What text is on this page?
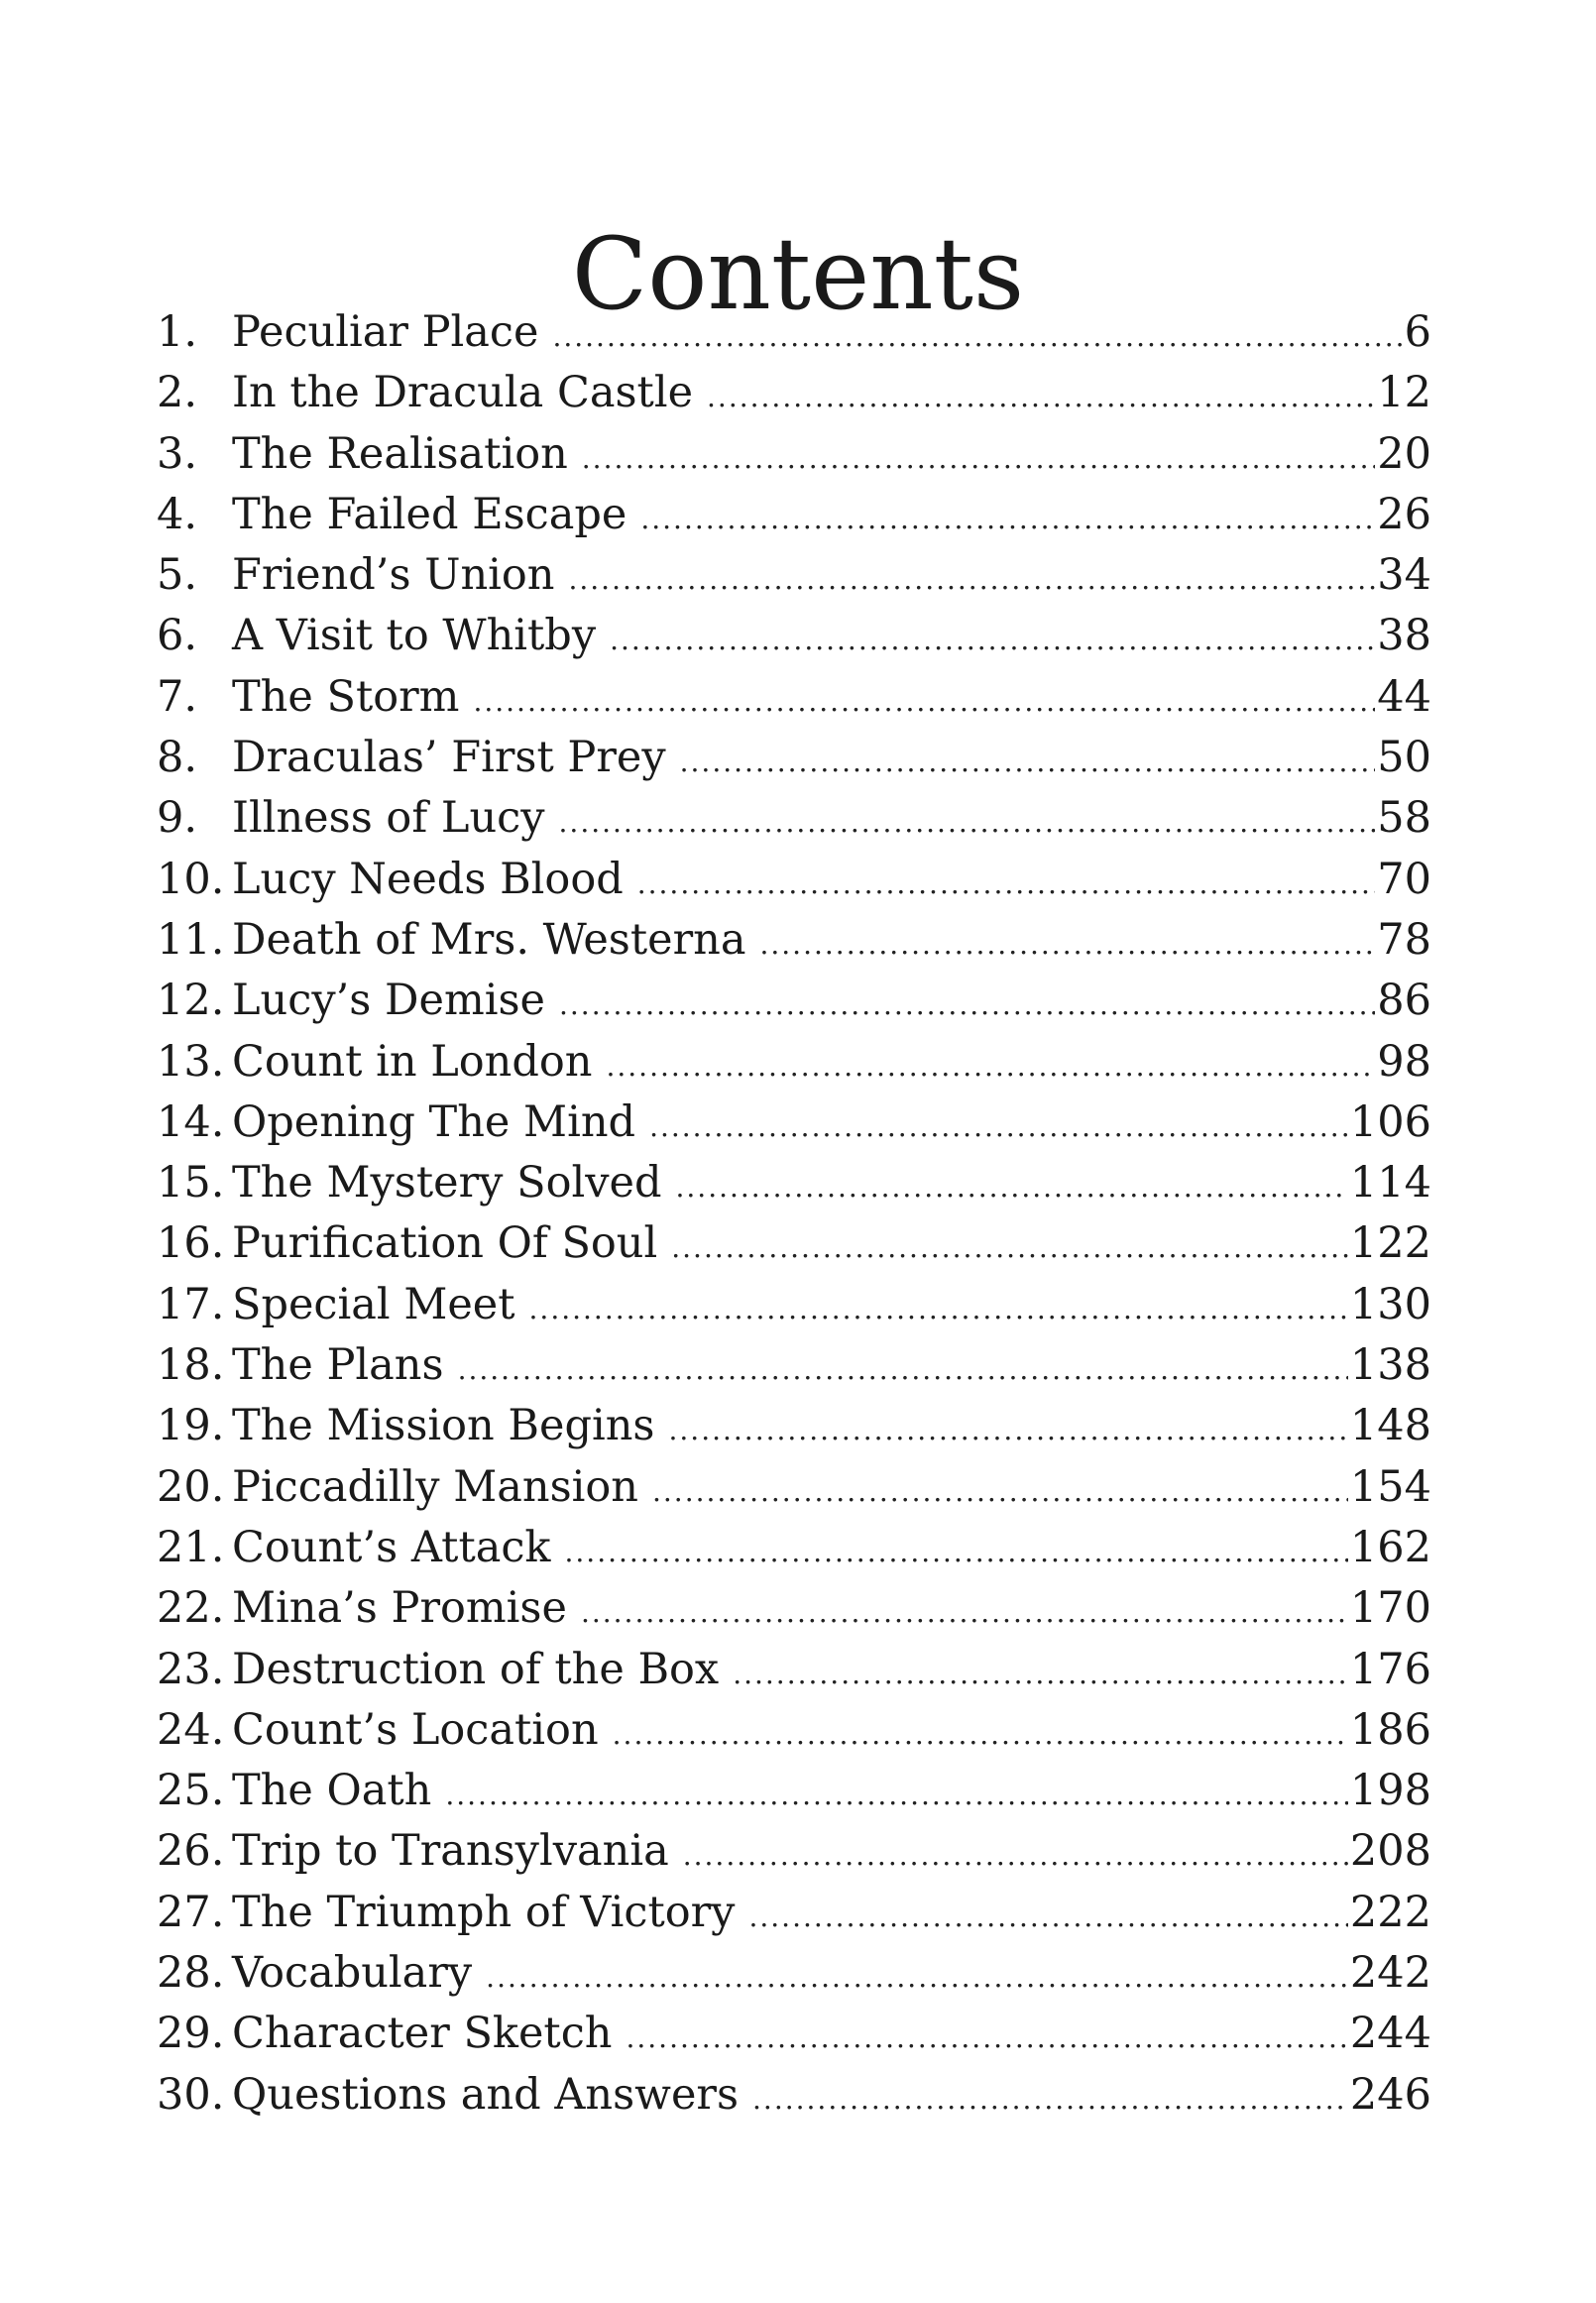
Contents
1. Peculiar Place .....	6
2. In the Dracula Castle .....	12
3. The Realisation .....	20
4. The Failed Escape .....	26
5. Friend’s Union .....	34
6. A Visit to Whitby .....	38
7. The Storm .....	44
8. Draculas’ First Prey .....	50
9. Illness of Lucy .....	58
10. Lucy Needs Blood .....	70
11. Death of Mrs. Westerna .....	78
12. Lucy’s Demise .....	86
13. Count in London .....	98
14. Opening The Mind .....	106
15. The Mystery Solved .....	114
16. Purification Of Soul .....	122
17. Special Meet .....	130
18. The Plans .....	138
19. The Mission Begins .....	148
20. Piccadilly Mansion .....	154
21. Count’s Attack .....	162
22. Mina’s Promise .....	170
23. Destruction of the Box .....	176
24. Count’s Location .....	186
25. The Oath .....	198
26. Trip to Transylvania .....	208
27. The Triumph of Victory .....	222
28. Vocabulary .....	242
29. Character Sketch .....	244
30. Questions and Answers .....	246
